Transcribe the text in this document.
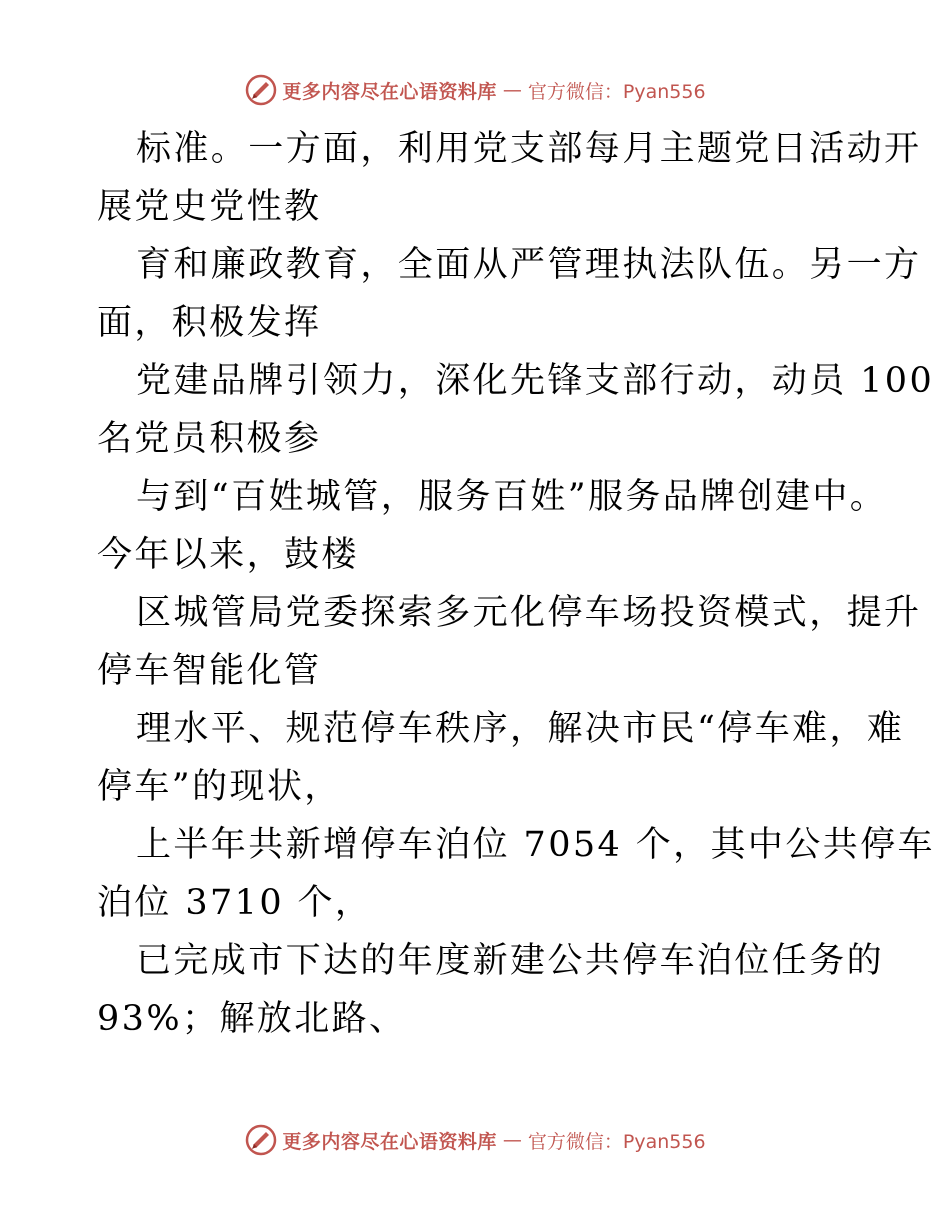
更多内容尽在心语资料库 — 官方微信：Pyan556

标准。一方面，利用党支部每月主题党日活动开
展党史党性教

育和廉政教育，全面从严管理执法队伍。另一方
面，积极发挥

党建品牌引领力，深化先锋支部行动，动员 100
名党员积极参

与到“百姓城管，服务百姓”服务品牌创建中。
今年以来，鼓楼

区城管局党委探索多元化停车场投资模式，提升
停车智能化管

理水平、规范停车秩序，解决市民“停车难，难
停车”的现状，

上半年共新增停车泊位 7054 个，其中公共停车
泊位 3710 个，

已完成市下达的年度新建公共停车泊位任务的
93%；解放北路、

更多内容尽在心语资料库 — 官方微信：Pyan556
